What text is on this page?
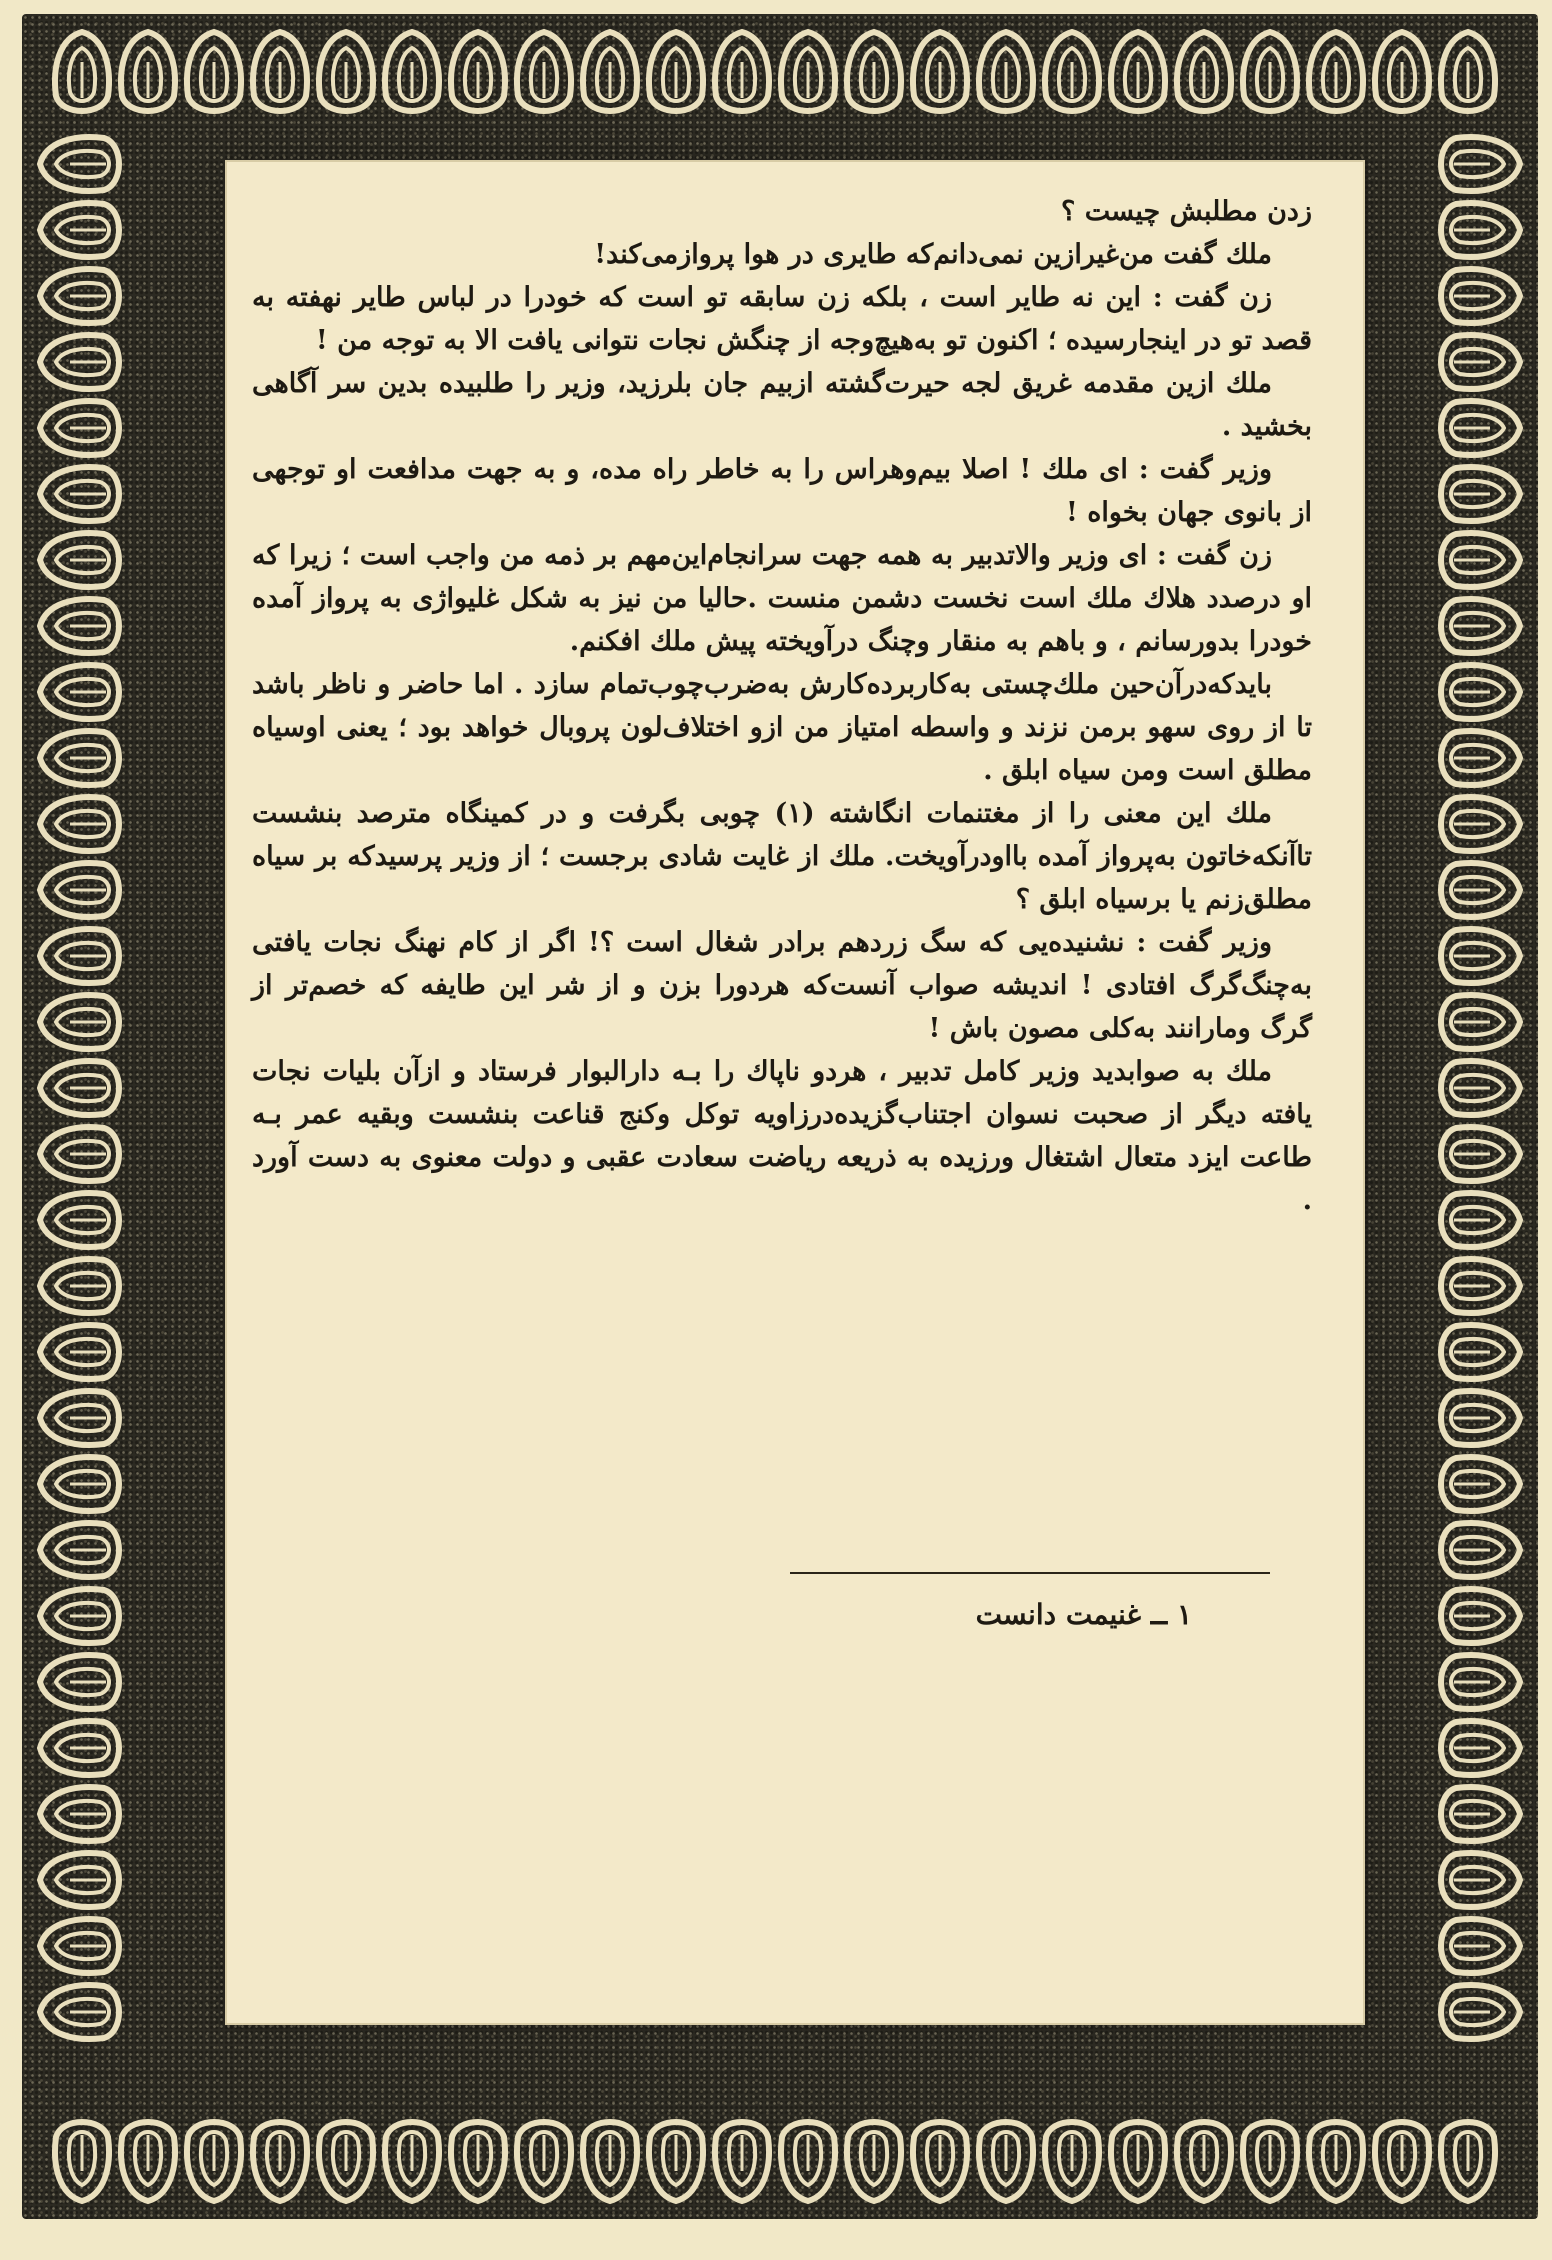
زدن مطلبش چیست ؟

ملك گفت من‌غیرازین نمی‌دانم‌که طایری در هوا پروازمی‌کند!

زن گفت : این نه طایر است ، بلکه زن سابقه تو است که خودرا در لباس طایر نهفته به قصد تو در اینجارسیده ؛ اکنون تو به‌هیچ‌وجه از چنگش نجات نتوانی یافت الا به توجه من !

ملك ازین مقدمه غریق لجه حیرت‌گشته ازبیم جان بلرزید، وزیر را طلبیده بدین سر آگاهی بخشید .

وزیر گفت : ای ملك ! اصلا بیم‌وهراس را به خاطر راه مده، و به جهت مدافعت او توجهی از بانوی جهان بخواه !

زن گفت : ای وزیر والاتدبیر به همه جهت سرانجام‌این‌مهم بر ذمه من واجب است ؛ زیرا که او درصدد هلاك ملك است نخست دشمن منست .حالیا من نیز به شکل غلیواژی به پرواز آمده خودرا بدورسانم ، و باهم به منقار وچنگ درآویخته پیش ملك افکنم.

بایدکه‌درآن‌حین ملك‌چستی به‌کاربرده‌کارش به‌ضرب‌چوب‌تمام سازد . اما حاضر و ناظر باشد تا از روی سهو برمن نزند و واسطه امتیاز من ازو اختلاف‌لون پروبال خواهد بود ؛ یعنی اوسیاه مطلق است ومن سیاه ابلق .

ملك این معنی را از مغتنمات انگاشته (۱) چوبی بگرفت و در کمینگاه مترصد بنشست تاآنکه‌خاتون به‌پرواز آمده بااودرآویخت. ملك از غایت شادی برجست ؛ از وزیر پرسیدکه بر سیاه مطلق‌زنم یا برسیاه ابلق ؟

وزیر گفت : نشنیده‌یی که سگ زردهم برادر شغال است ؟! اگر از کام نهنگ نجات یافتی به‌چنگ‌گرگ افتادی ! اندیشه صواب آنست‌که هردورا بزن و از شر این طایفه که خصم‌تر از گرگ ومارانند به‌کلی مصون باش !

ملك به صوابدید وزیر کامل تدبیر ، هردو ناپاك را بـه دارالبوار فرستاد و ازآن بلیات نجات یافته دیگر از صحبت نسوان اجتناب‌گزیده‌درزاویه توکل وکنج قناعت بنشست وبقیه عمر بـه طاعت ایزد متعال اشتغال ورزیده به ذریعه ریاضت سعادت عقبی و دولت معنوی به دست آورد .

۱ ــ غنیمت دانست
